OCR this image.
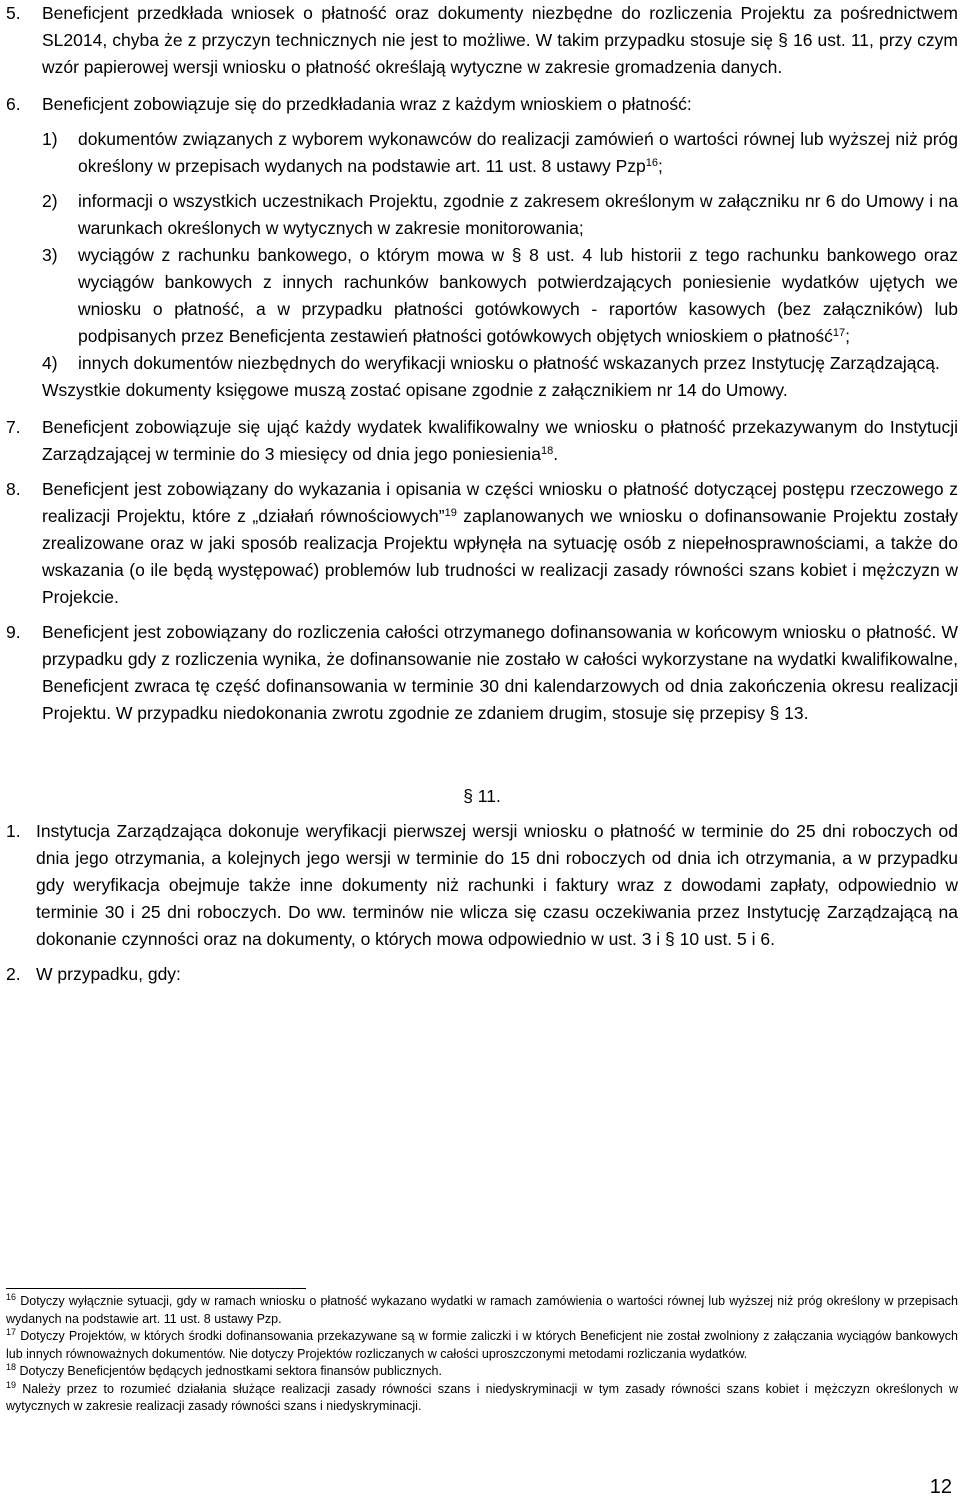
5. Beneficjent przedkłada wniosek o płatność oraz dokumenty niezbędne do rozliczenia Projektu za pośrednictwem SL2014, chyba że z przyczyn technicznych nie jest to możliwe. W takim przypadku stosuje się § 16 ust. 11, przy czym wzór papierowej wersji wniosku o płatność określają wytyczne w zakresie gromadzenia danych.

6. Beneficjent zobowiązuje się do przedkładania wraz z każdym wnioskiem o płatność:

1) dokumentów związanych z wyborem wykonawców do realizacji zamówień o wartości równej lub wyższej niż próg określony w przepisach wydanych na podstawie art. 11 ust. 8 ustawy Pzp$^{16}$;

2) informacji o wszystkich uczestnikach Projektu, zgodnie z zakresem określonym w załączniku nr 6 do Umowy i na warunkach określonych w wytycznych w zakresie monitorowania;

3) wyciągów z rachunku bankowego, o którym mowa w § 8 ust. 4 lub historii z tego rachunku bankowego oraz wyciągów bankowych z innych rachunków bankowych potwierdzających poniesienie wydatków ujętych we wniosku o płatność, a w przypadku płatności gotówkowych - raportów kasowych (bez załączników) lub podpisanych przez Beneficjenta zestawień płatności gotówkowych objętych wnioskiem o płatność$^{17}$;

4) innych dokumentów niezbędnych do weryfikacji wniosku o płatność wskazanych przez Instytucję Zarządzającą.

Wszystkie dokumenty księgowe muszą zostać opisane zgodnie z załącznikiem nr 14 do Umowy.

7. Beneficjent zobowiązuje się ująć każdy wydatek kwalifikowalny we wniosku o płatność przekazywanym do Instytucji Zarządzającej w terminie do 3 miesięcy od dnia jego poniesienia$^{18}$.

8. Beneficjent jest zobowiązany do wykazania i opisania w części wniosku o płatność dotyczącej postępu rzeczowego z realizacji Projektu, które z „działań równościowych”$^{19}$ zaplanowanych we wniosku o dofinansowanie Projektu zostały zrealizowane oraz w jaki sposób realizacja Projektu wpłynęła na sytuację osób z niepełnosprawnościami, a także do wskazania (o ile będą występować) problemów lub trudności w realizacji zasady równości szans kobiet i mężczyzn w Projekcie.

9. Beneficjent jest zobowiązany do rozliczenia całości otrzymanego dofinansowania w końcowym wniosku o płatność. W przypadku gdy z rozliczenia wynika, że dofinansowanie nie zostało w całości wykorzystane na wydatki kwalifikowalne, Beneficjent zwraca tę część dofinansowania w terminie 30 dni kalendarzowych od dnia zakończenia okresu realizacji Projektu. W przypadku niedokonania zwrotu zgodnie ze zdaniem drugim, stosuje się przepisy § 13.

§ 11.
1. Instytucja Zarządzająca dokonuje weryfikacji pierwszej wersji wniosku o płatność w terminie do 25 dni roboczych od dnia jego otrzymania, a kolejnych jego wersji w terminie do 15 dni roboczych od dnia ich otrzymania, a w przypadku gdy weryfikacja obejmuje także inne dokumenty niż rachunki i faktury wraz z dowodami zapłaty, odpowiednio w terminie 30 i 25 dni roboczych. Do ww. terminów nie wlicza się czasu oczekiwania przez Instytucję Zarządzającą na dokonanie czynności oraz na dokumenty, o których mowa odpowiednio w ust. 3 i § 10 ust. 5 i 6.

2. W przypadku, gdy:

$^{16}$ Dotyczy wyłącznie sytuacji, gdy w ramach wniosku o płatność wykazano wydatki w ramach zamówienia o wartości równej lub wyższej niż próg określony w przepisach wydanych na podstawie art. 11 ust. 8 ustawy Pzp.

$^{17}$ Dotyczy Projektów, w których środki dofinansowania przekazywane są w formie zaliczki i w których Beneficjent nie został zwolniony z załączania wyciągów bankowych lub innych równoważnych dokumentów. Nie dotyczy Projektów rozliczanych w całości uproszczonymi metodami rozliczania wydatków.

$^{18}$ Dotyczy Beneficjentów będących jednostkami sektora finansów publicznych.

$^{19}$ Należy przez to rozumieć działania służące realizacji zasady równości szans i niedyskryminacji w tym zasady równości szans kobiet i mężczyzn określonych w wytycznych w zakresie realizacji zasady równości szans i niedyskryminacji.

12
